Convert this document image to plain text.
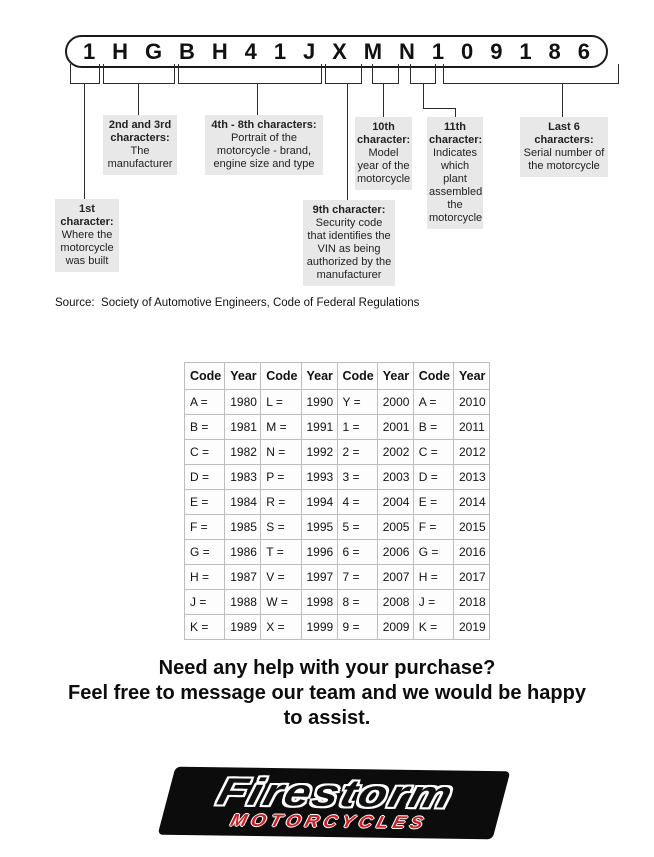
1 H G B H 4 1 J X M N 1 0 9 1 8 6
1st character:
Where the motorcycle was built
2nd and 3rd characters:
The manufacturer
4th - 8th characters:
Portrait of the motorcycle - brand, engine size and type
9th character:
Security code that identifies the VIN as being authorized by the manufacturer
10th character:
Model year of the motorcycle
11th character:
Indicates which plant assembled the motorcycle
Last 6 characters:
Serial number of the motorcycle
Source:  Society of Automotive Engineers, Code of Federal Regulations
Code	Year	Code	Year	Code	Year	Code	Year
A =	1980	L =	1990	Y =	2000	A =	2010
B =	1981	M =	1991	1 =	2001	B =	2011
C =	1982	N =	1992	2 =	2002	C =	2012
D =	1983	P =	1993	3 =	2003	D =	2013
E =	1984	R =	1994	4 =	2004	E =	2014
F =	1985	S =	1995	5 =	2005	F =	2015
G =	1986	T =	1996	6 =	2006	G =	2016
H =	1987	V =	1997	7 =	2007	H =	2017
J =	1988	W =	1998	8 =	2008	J =	2018
K =	1989	X =	1999	9 =	2009	K =	2019
Need any help with your purchase?
Feel free to message our team and we would be happy to assist.
Firestorm
MOTORCYCLES
